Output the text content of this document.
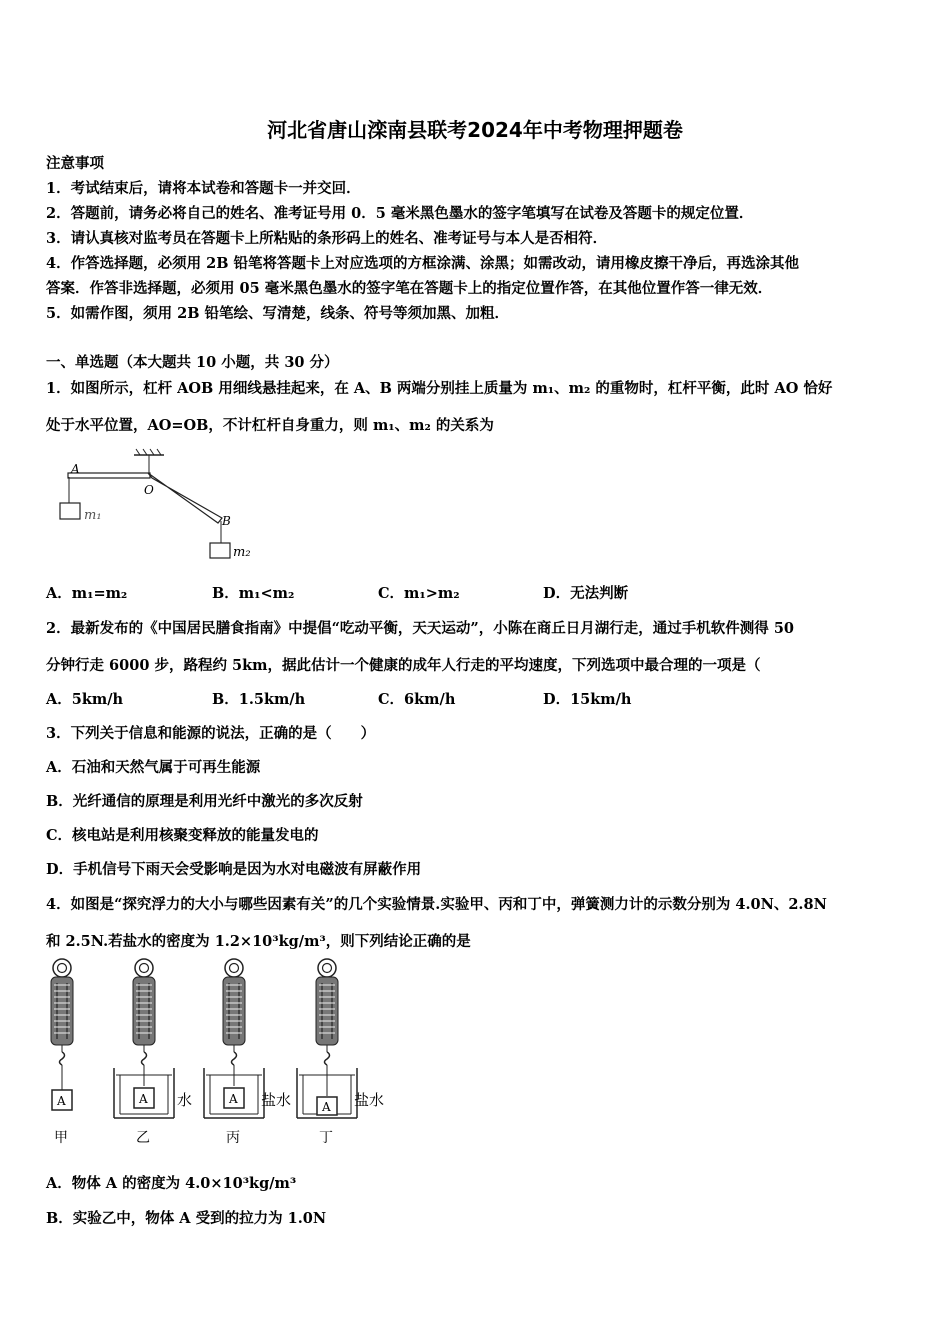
河北省唐山滦南县联考2024年中考物理押题卷
注意事项
1．考试结束后，请将本试卷和答题卡一并交回．
2．答题前，请务必将自己的姓名、准考证号用 0．5 毫米黑色墨水的签字笔填写在试卷及答题卡的规定位置．
3．请认真核对监考员在答题卡上所粘贴的条形码上的姓名、准考证号与本人是否相符．
4．作答选择题，必须用 2B 铅笔将答题卡上对应选项的方框涂满、涂黑；如需改动，请用橡皮擦干净后，再选涂其他
答案．作答非选择题，必须用 05 毫米黑色墨水的签字笔在答题卡上的指定位置作答，在其他位置作答一律无效．
5．如需作图，须用 2B 铅笔绘、写清楚，线条、符号等须加黑、加粗．
一、单选题（本大题共 10 小题，共 30 分）
1．如图所示，杠杆 AOB 用细线悬挂起来，在 A、B 两端分别挂上质量为 m₁、m₂ 的重物时，杠杆平衡，此时 AO 恰好
处于水平位置，AO=OB，不计杠杆自身重力，则 m₁、m₂ 的关系为
A
O
B
m₁
m₂
A．m₁=m₂	B．m₁<m₂	C．m₁>m₂	D．无法判断
2．最新发布的《中国居民膳食指南》中提倡“吃动平衡，天天运动”，小陈在商丘日月湖行走，通过手机软件测得 50
分钟行走 6000 步，路程约 5km，据此估计一个健康的成年人行走的平均速度，下列选项中最合理的一项是（
A．5km/h	B．1.5km/h	C．6km/h	D．15km/h
3．下列关于信息和能源的说法，正确的是（　　）
A．石油和天然气属于可再生能源
B．光纤通信的原理是利用光纤中激光的多次反射
C．核电站是利用核聚变释放的能量发电的
D．手机信号下雨天会受影响是因为水对电磁波有屏蔽作用
4．如图是“探究浮力的大小与哪些因素有关”的几个实验情景.实验甲、丙和丁中，弹簧测力计的示数分别为 4.0N、2.8N
和 2.5N.若盐水的密度为 1.2×10³kg/m³，则下列结论正确的是
A
甲
A 水
乙
A 盐水
丙
A 盐水
丁
A．物体 A 的密度为 4.0×10³kg/m³
B．实验乙中，物体 A 受到的拉力为 1.0N
